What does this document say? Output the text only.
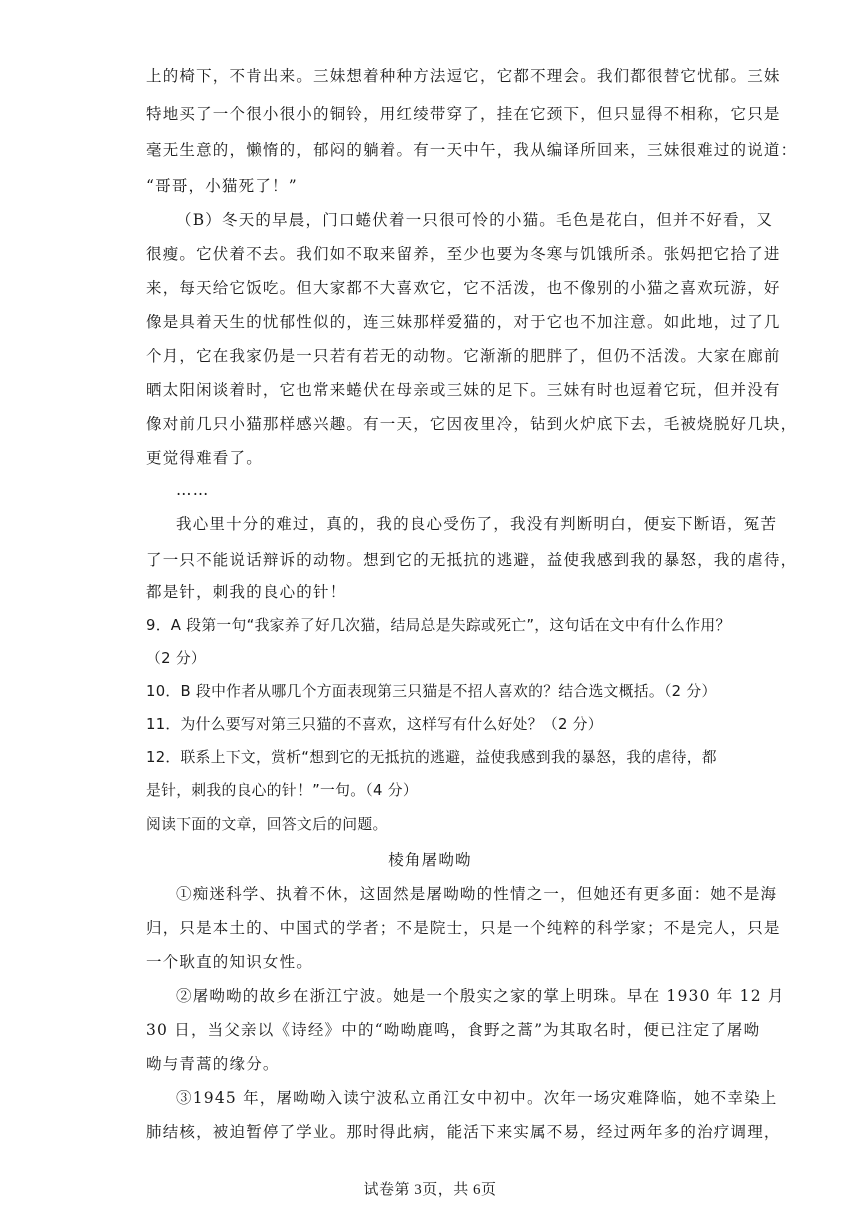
上的椅下，不肯出来。三妹想着种种方法逗它，它都不理会。我们都很替它忧郁。三妹
特地买了一个很小很小的铜铃，用红绫带穿了，挂在它颈下，但只显得不相称，它只是
毫无生意的，懒惰的，郁闷的躺着。有一天中午，我从编译所回来，三妹很难过的说道：
“哥哥，小猫死了！”
（B）冬天的早晨，门口蜷伏着一只很可怜的小猫。毛色是花白，但并不好看，又
很瘦。它伏着不去。我们如不取来留养，至少也要为冬寒与饥饿所杀。张妈把它拾了进
来，每天给它饭吃。但大家都不大喜欢它，它不活泼，也不像别的小猫之喜欢玩游，好
像是具着天生的忧郁性似的，连三妹那样爱猫的，对于它也不加注意。如此地，过了几
个月，它在我家仍是一只若有若无的动物。它渐渐的肥胖了，但仍不活泼。大家在廊前
晒太阳闲谈着时，它也常来蜷伏在母亲或三妹的足下。三妹有时也逗着它玩，但并没有
像对前几只小猫那样感兴趣。有一天，它因夜里冷，钻到火炉底下去，毛被烧脱好几块，
更觉得难看了。
……
我心里十分的难过，真的，我的良心受伤了，我没有判断明白，便妄下断语，冤苦
了一只不能说话辩诉的动物。想到它的无抵抗的逃避，益使我感到我的暴怒，我的虐待，
都是针，刺我的良心的针！
9．A 段第一句“我家养了好几次猫，结局总是失踪或死亡”，这句话在文中有什么作用？
（2 分）
10．B 段中作者从哪几个方面表现第三只猫是不招人喜欢的？结合选文概括。（2 分）
11．为什么要写对第三只猫的不喜欢，这样写有什么好处？（2 分）
12．联系上下文，赏析“想到它的无抵抗的逃避，益使我感到我的暴怒，我的虐待，都
是针，刺我的良心的针！”一句。（4 分）
阅读下面的文章，回答文后的问题。
棱角屠呦呦
①痴迷科学、执着不休，这固然是屠呦呦的性情之一，但她还有更多面：她不是海
归，只是本土的、中国式的学者；不是院士，只是一个纯粹的科学家；不是完人，只是
一个耿直的知识女性。
②屠呦呦的故乡在浙江宁波。她是一个殷实之家的掌上明珠。早在 1930 年 12 月
30 日，当父亲以《诗经》中的“呦呦鹿鸣，食野之蒿”为其取名时，便已注定了屠呦
呦与青蒿的缘分。
③1945 年，屠呦呦入读宁波私立甬江女中初中。次年一场灾难降临，她不幸染上
肺结核，被迫暂停了学业。那时得此病，能活下来实属不易，经过两年多的治疗调理，
试卷第 3页，共 6页
